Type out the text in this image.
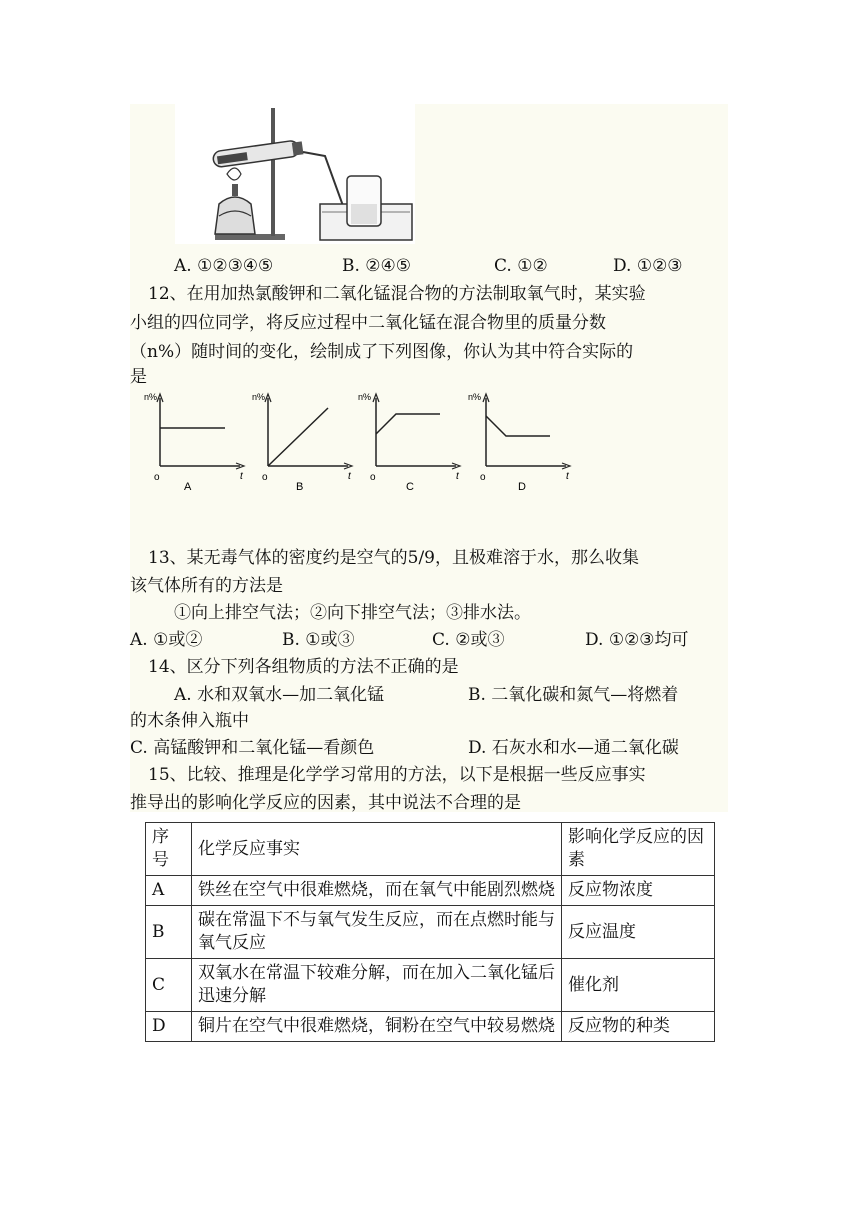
A. ①②③④⑤	B. ②④⑤	C. ①②	D. ①②③
12、在用加热氯酸钾和二氧化锰混合物的方法制取氧气时，某实验
小组的四位同学，将反应过程中二氧化锰在混合物里的质量分数
（n%）随时间的变化，绘制成了下列图像，你认为其中符合实际的
是
n%
t
o
A
n%
t
o
B
n%
t
o
C
n%
t
o
D
13、某无毒气体的密度约是空气的5/9，且极难溶于水，那么收集
该气体所有的方法是
①向上排空气法；②向下排空气法；③排水法。
A. ①或②	B. ①或③	C. ②或③	D. ①②③均可
14、区分下列各组物质的方法不正确的是
A. 水和双氧水—加二氧化锰	B. 二氧化碳和氮气—将燃着
的木条伸入瓶中
C. 高锰酸钾和二氧化锰—看颜色	D. 石灰水和水—通二氧化碳
15、比较、推理是化学学习常用的方法，以下是根据一些反应事实
推导出的影响化学反应的因素，其中说法不合理的是
序号	化学反应事实	影响化学反应的因素
A	铁丝在空气中很难燃烧，而在氧气中能剧烈燃烧	反应物浓度
B	碳在常温下不与氧气发生反应，而在点燃时能与氧气反应	反应温度
C	双氧水在常温下较难分解，而在加入二氧化锰后迅速分解	催化剂
D	铜片在空气中很难燃烧，铜粉在空气中较易燃烧	反应物的种类
